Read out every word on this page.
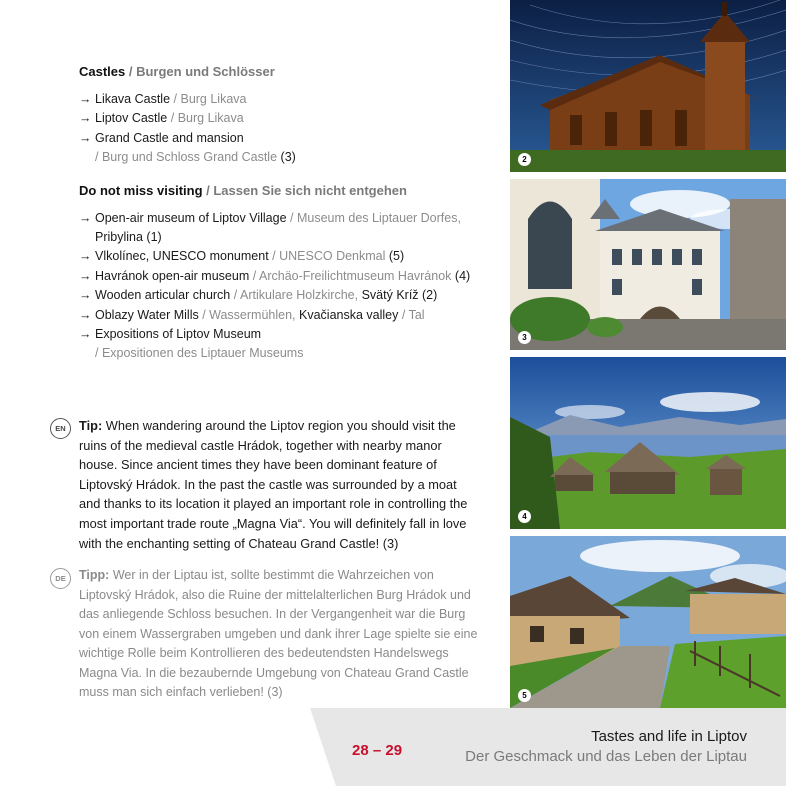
Castles / Burgen und Schlösser
→ Likava Castle / Burg Likava
→ Liptov Castle / Burg Likava
→ Grand Castle and mansion
/ Burg und Schloss Grand Castle (3)
Do not miss visiting / Lassen Sie sich nicht entgehen
→ Open-air museum of Liptov Village / Museum des Liptauer Dorfes, Pribylina (1)
→ Vlkolínec, UNESCO monument / UNESCO Denkmal (5)
→ Havránok open-air museum / Archäo-Freilichtmuseum Havránok (4)
→ Wooden articular church / Artikulare Holzkirche, Svätý Kríž (2)
→ Oblazy Water Mills / Wassermühlen, Kvačianska valley / Tal
→ Expositions of Liptov Museum
/ Expositionen des Liptauer Museums
EN	Tip: When wandering around the Liptov region you should visit the ruins of the medieval castle Hrádok, together with nearby manor house. Since ancient times they have been dominant feature of Liptovský Hrádok. In the past the castle was surrounded by a moat and thanks to its location it played an important role in controlling the most important trade route „Magna Via“. You will definitely fall in love with the enchanting setting of Chateau Grand Castle! (3)
DE	Tipp: Wer in der Liptau ist, sollte bestimmt die Wahrzeichen von Liptovský Hrádok, also die Ruine der mittelalterlichen Burg Hrádok und das anliegende Schloss besuchen. In der Vergangenheit war die Burg von einem Wassergraben umgeben und dank ihrer Lage spielte sie eine wichtige Rolle beim Kontrollieren des bedeutendsten Handelswegs Magna Via. In die bezaubernde Umgebung von Chateau Grand Castle muss man sich einfach verlieben! (3)
2
3
4
5
28 – 29
Tastes and life in Liptov
Der Geschmack und das Leben der Liptau
